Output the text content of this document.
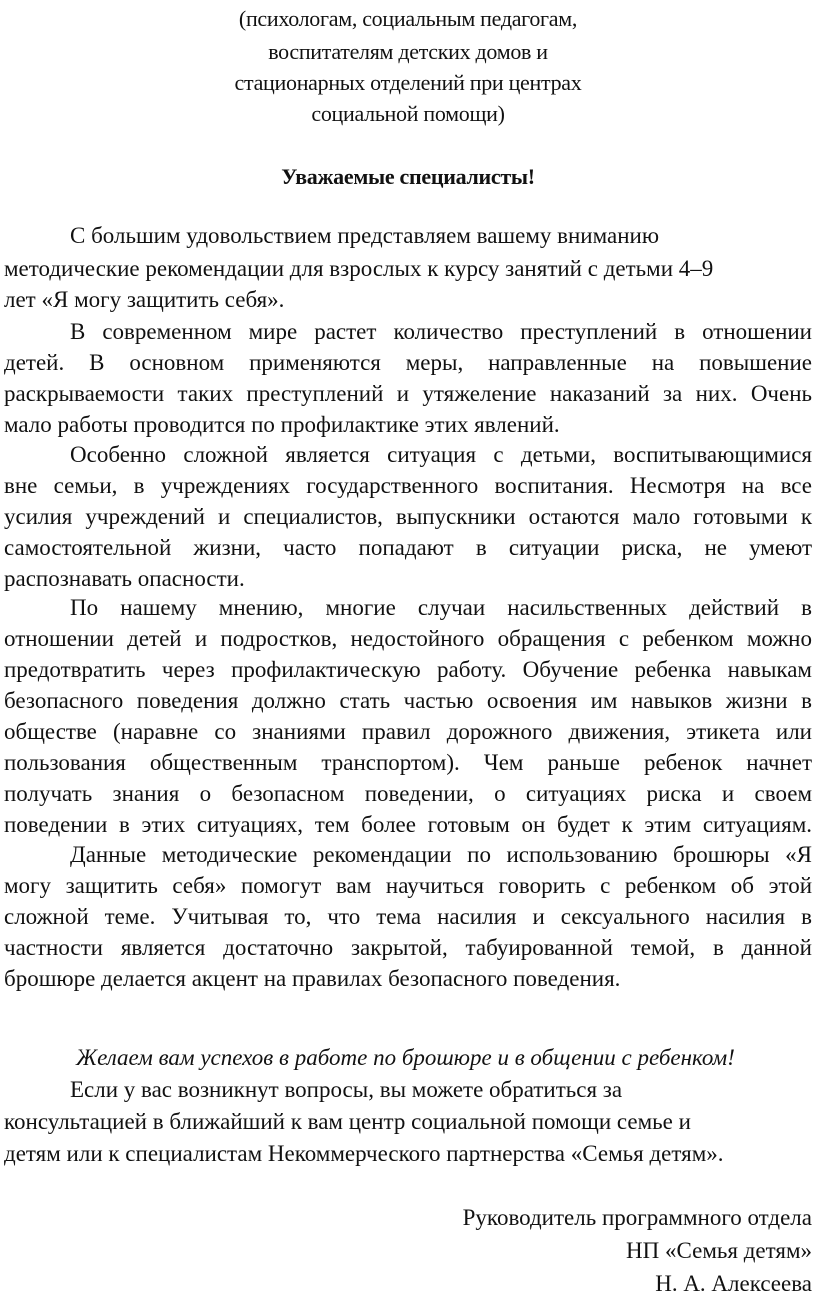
(психологам, социальным педагогам,
воспитателям детских домов и
стационарных отделений при центрах
социальной помощи)
Уважаемые специалисты!
С большим удовольствием представляем вашему вниманию
методические рекомендации для взрослых к курсу занятий с детьми 4–9
лет «Я могу защитить себя».
В современном мире растет количество преступлений в отношении
детей. В основном применяются меры, направленные на повышение
раскрываемости таких преступлений и утяжеление наказаний за них. Очень
мало работы проводится по профилактике этих явлений.
Особенно сложной является ситуация с детьми, воспитывающимися
вне семьи, в учреждениях государственного воспитания. Несмотря на все
усилия учреждений и специалистов, выпускники остаются мало готовыми к
самостоятельной жизни, часто попадают в ситуации риска, не умеют
распознавать опасности.
По нашему мнению, многие случаи насильственных действий в
отношении детей и подростков, недостойного обращения с ребенком можно
предотвратить через профилактическую работу. Обучение ребенка навыкам
безопасного поведения должно стать частью освоения им навыков жизни в
обществе (наравне со знаниями правил дорожного движения, этикета или
пользования общественным транспортом). Чем раньше ребенок начнет
получать знания о безопасном поведении, о ситуациях риска и своем
поведении в этих ситуациях, тем более готовым он будет к этим ситуациям.
Данные методические рекомендации по использованию брошюры «Я
могу защитить себя» помогут вам научиться говорить с ребенком об этой
сложной теме. Учитывая то, что тема насилия и сексуального насилия в
частности является достаточно закрытой, табуированной темой, в данной
брошюре делается акцент на правилах безопасного поведения.
Желаем вам успехов в работе по брошюре и в общении с ребенком!
Если у вас возникнут вопросы, вы можете обратиться за
консультацией в ближайший к вам центр социальной помощи семье и
детям или к специалистам Некоммерческого партнерства «Семья детям».
Руководитель программного отдела
НП «Семья детям»
Н. А. Алексеева
